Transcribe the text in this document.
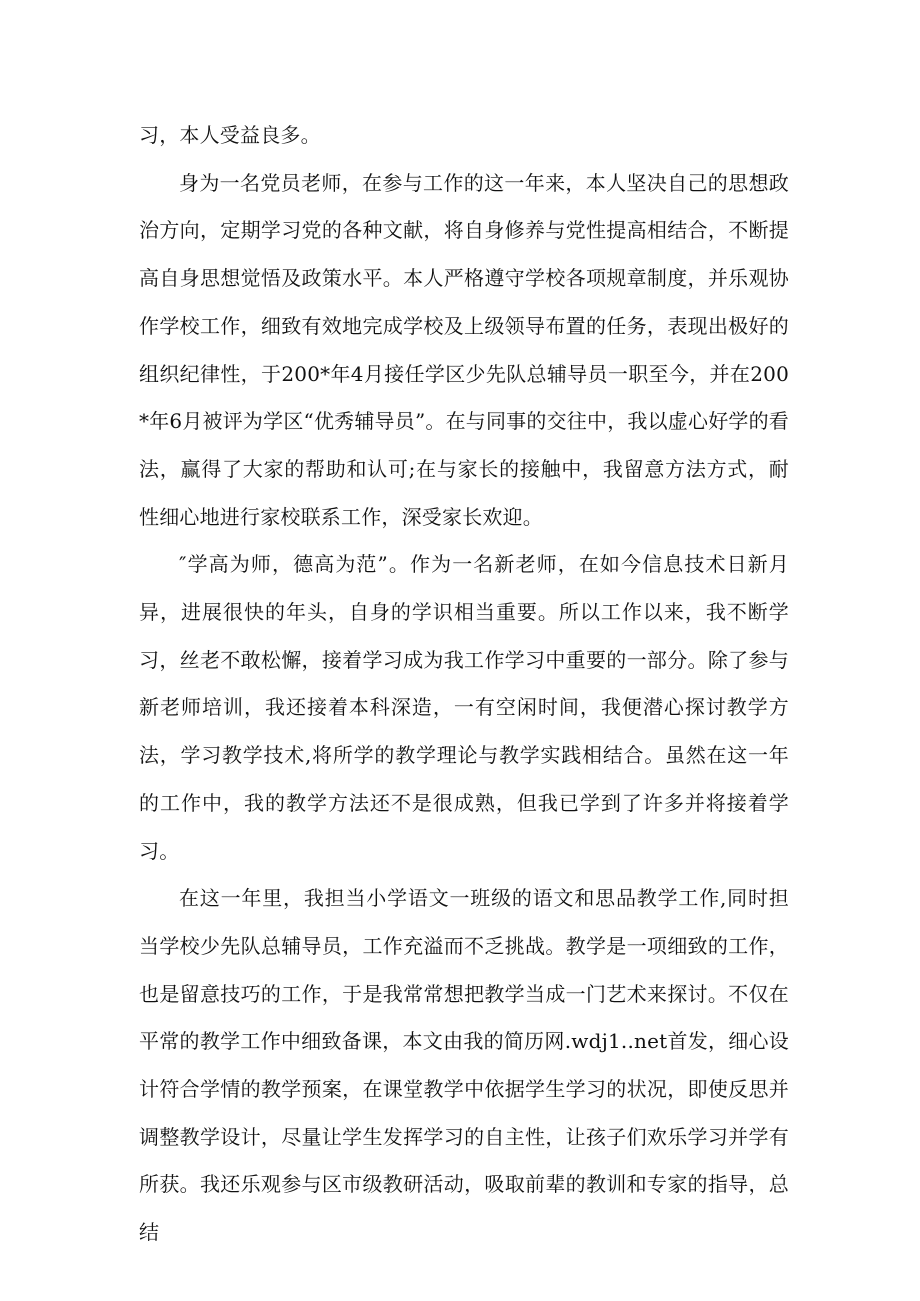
习，本人受益良多。

身为一名党员老师，在参与工作的这一年来，本人坚决自己的思想政治方向，定期学习党的各种文献，将自身修养与党性提高相结合，不断提高自身思想觉悟及政策水平。本人严格遵守学校各项规章制度，并乐观协作学校工作，细致有效地完成学校及上级领导布置的任务，表现出极好的组织纪律性，于200*年4月接任学区少先队总辅导员一职至今，并在200*年6月被评为学区“优秀辅导员”。在与同事的交往中，我以虚心好学的看法，赢得了大家的帮助和认可;在与家长的接触中，我留意方法方式，耐性细心地进行家校联系工作，深受家长欢迎。

″学高为师，德高为范”。作为一名新老师，在如今信息技术日新月异，进展很快的年头，自身的学识相当重要。所以工作以来，我不断学习，丝老不敢松懈，接着学习成为我工作学习中重要的一部分。除了参与新老师培训，我还接着本科深造，一有空闲时间，我便潜心探讨教学方法，学习教学技术,将所学的教学理论与教学实践相结合。虽然在这一年的工作中，我的教学方法还不是很成熟，但我已学到了许多并将接着学习。

在这一年里，我担当小学语文一班级的语文和思品教学工作,同时担当学校少先队总辅导员，工作充溢而不乏挑战。教学是一项细致的工作，也是留意技巧的工作，于是我常常想把教学当成一门艺术来探讨。不仅在平常的教学工作中细致备课，本文由我的简历网.wdj1..net首发，细心设计符合学情的教学预案，在课堂教学中依据学生学习的状况，即使反思并调整教学设计，尽量让学生发挥学习的自主性，让孩子们欢乐学习并学有所获。我还乐观参与区市级教研活动，吸取前辈的教训和专家的指导，总结
